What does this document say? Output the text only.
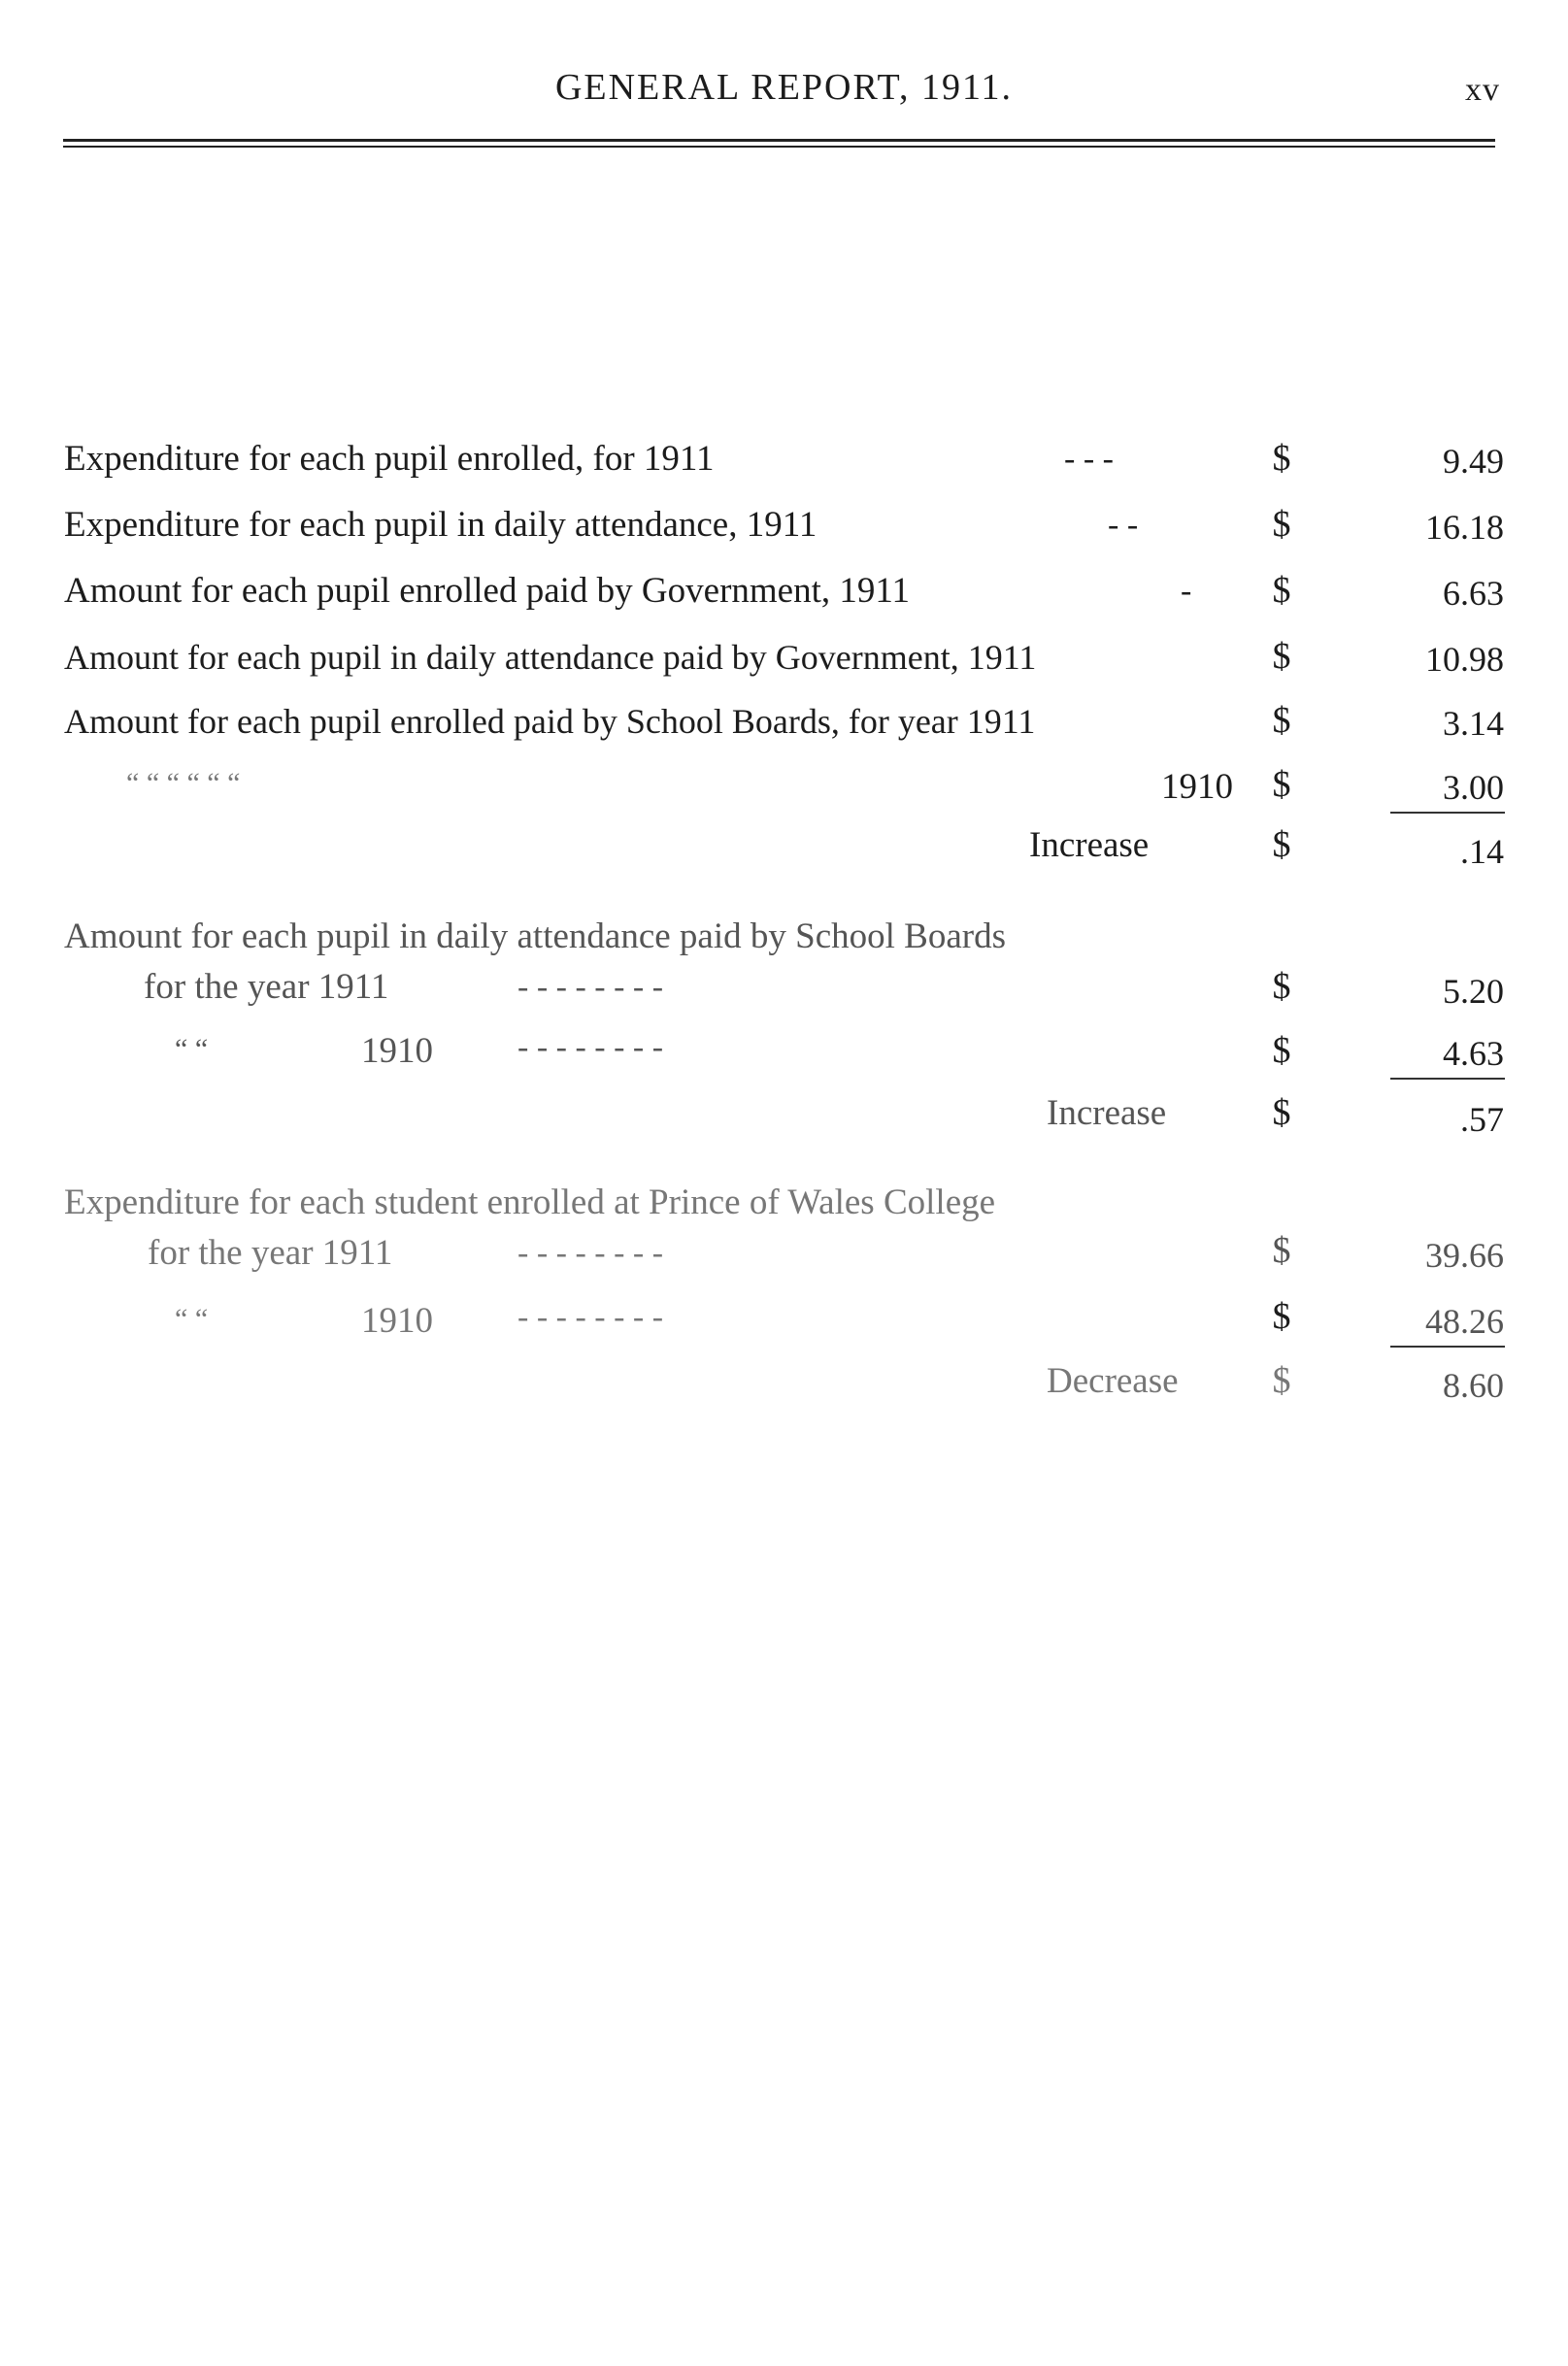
GENERAL REPORT, 1911.	xv
Expenditure for each pupil enrolled, for 1911	- - -	$	9.49
Expenditure for each pupil in daily attendance, 1911	- -	$	16.18
Amount for each pupil enrolled paid by Government, 1911	- $	6.63
Amount for each pupil in daily attendance paid by Government, 1911	$	10.98
Amount for each pupil enrolled paid by School Boards, for year 1911	$	3.14
“ “ “ “ “ “	1910 $	3.00
Increase	$	.14
Amount for each pupil in daily attendance paid by School Boards
for the year 1911	- - - - - - - -	$	5.20
“ “	1910	- - - - - - - -	$	4.63
Increase	$	.57
Expenditure for each student enrolled at Prince of Wales College
for the year 1911	- - - - - - - -	$	39.66
“ “	1910	- - - - - - - -	$	48.26
Decrease	$	8.60
